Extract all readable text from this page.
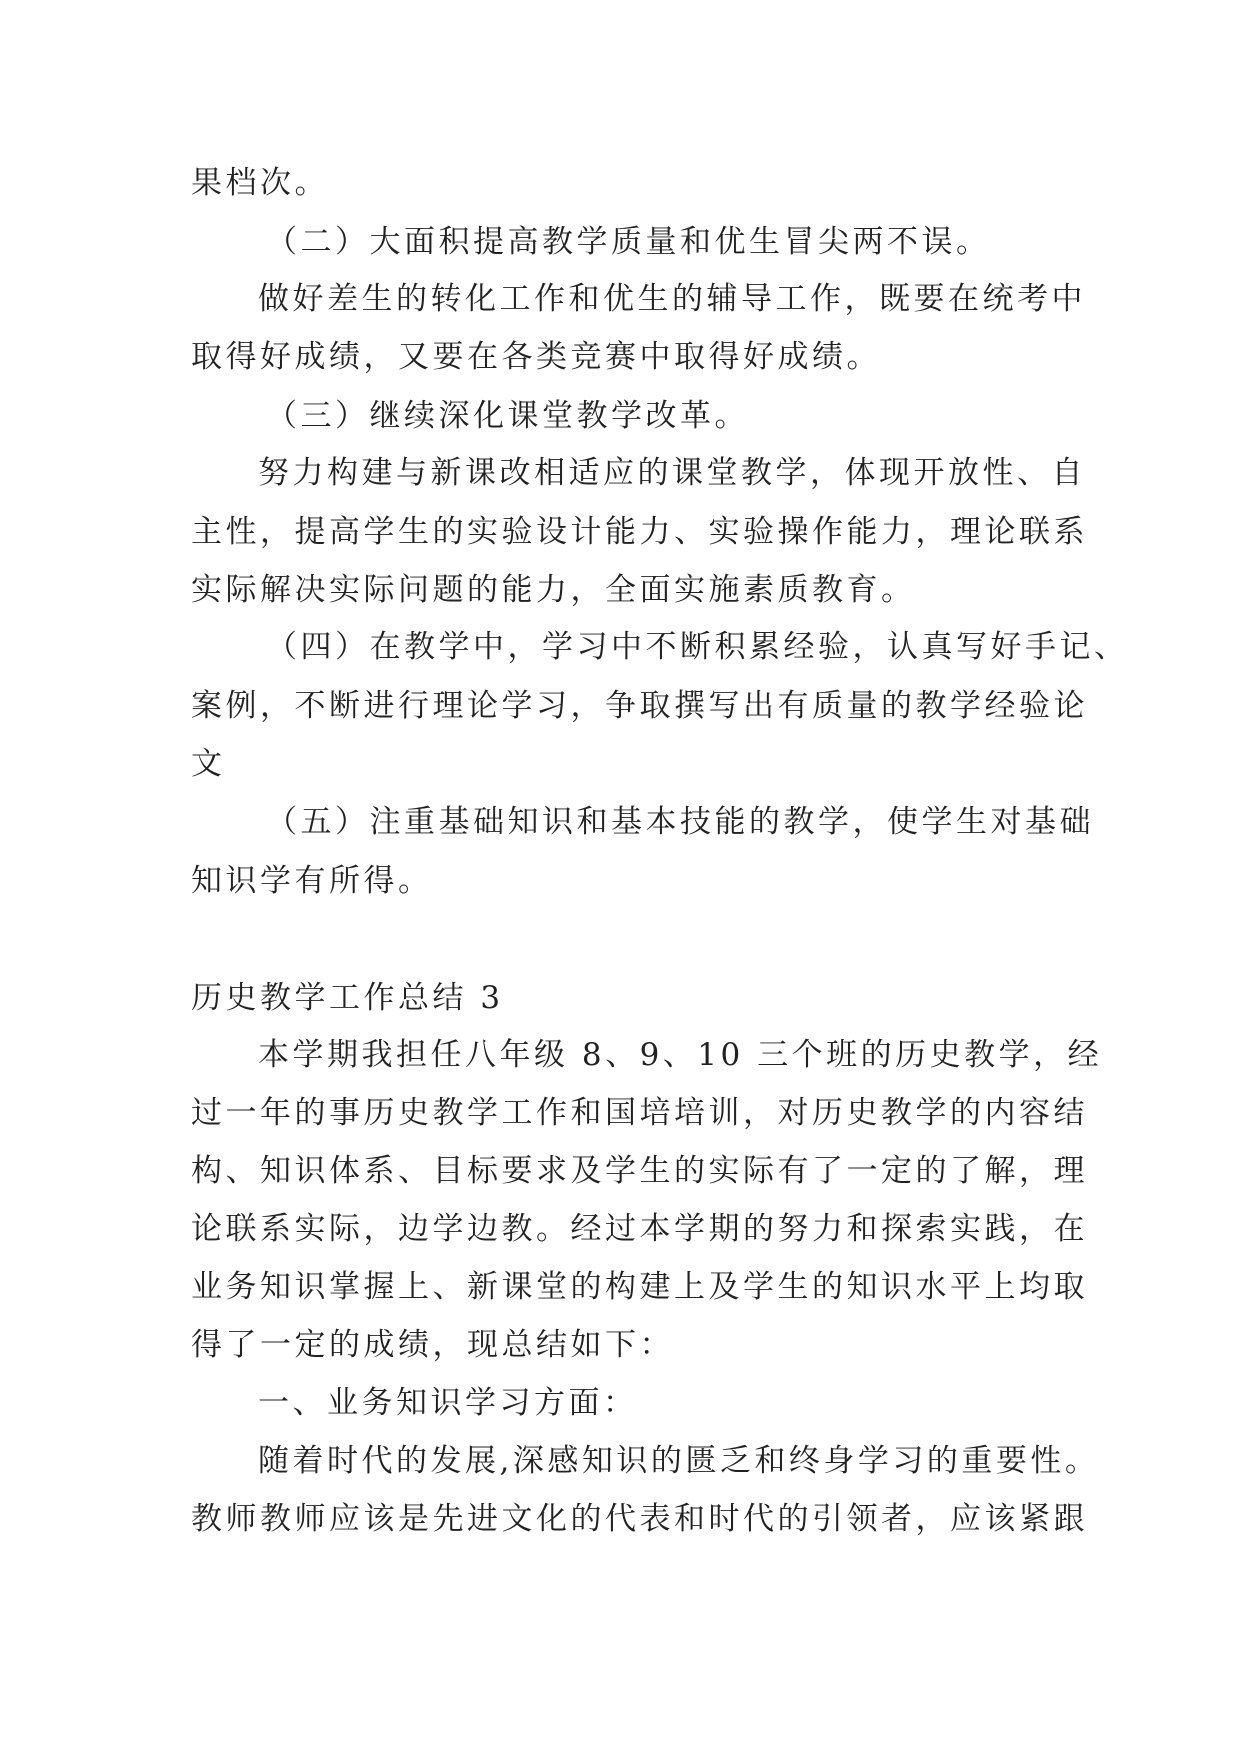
果档次。
（二）大面积提高教学质量和优生冒尖两不误。
做好差生的转化工作和优生的辅导工作，既要在统考中
取得好成绩，又要在各类竞赛中取得好成绩。
（三）继续深化课堂教学改革。
努力构建与新课改相适应的课堂教学，体现开放性、自
主性，提高学生的实验设计能力、实验操作能力，理论联系
实际解决实际问题的能力，全面实施素质教育。
（四）在教学中，学习中不断积累经验，认真写好手记、
案例，不断进行理论学习，争取撰写出有质量的教学经验论
文
（五）注重基础知识和基本技能的教学，使学生对基础
知识学有所得。
历史教学工作总结 3
本学期我担任八年级 8、9、10 三个班的历史教学，经
过一年的事历史教学工作和国培培训，对历史教学的内容结
构、知识体系、目标要求及学生的实际有了一定的了解，理
论联系实际，边学边教。经过本学期的努力和探索实践，在
业务知识掌握上、新课堂的构建上及学生的知识水平上均取
得了一定的成绩，现总结如下：
一、业务知识学习方面：
随着时代的发展,深感知识的匮乏和终身学习的重要性。
教师教师应该是先进文化的代表和时代的引领者，应该紧跟
